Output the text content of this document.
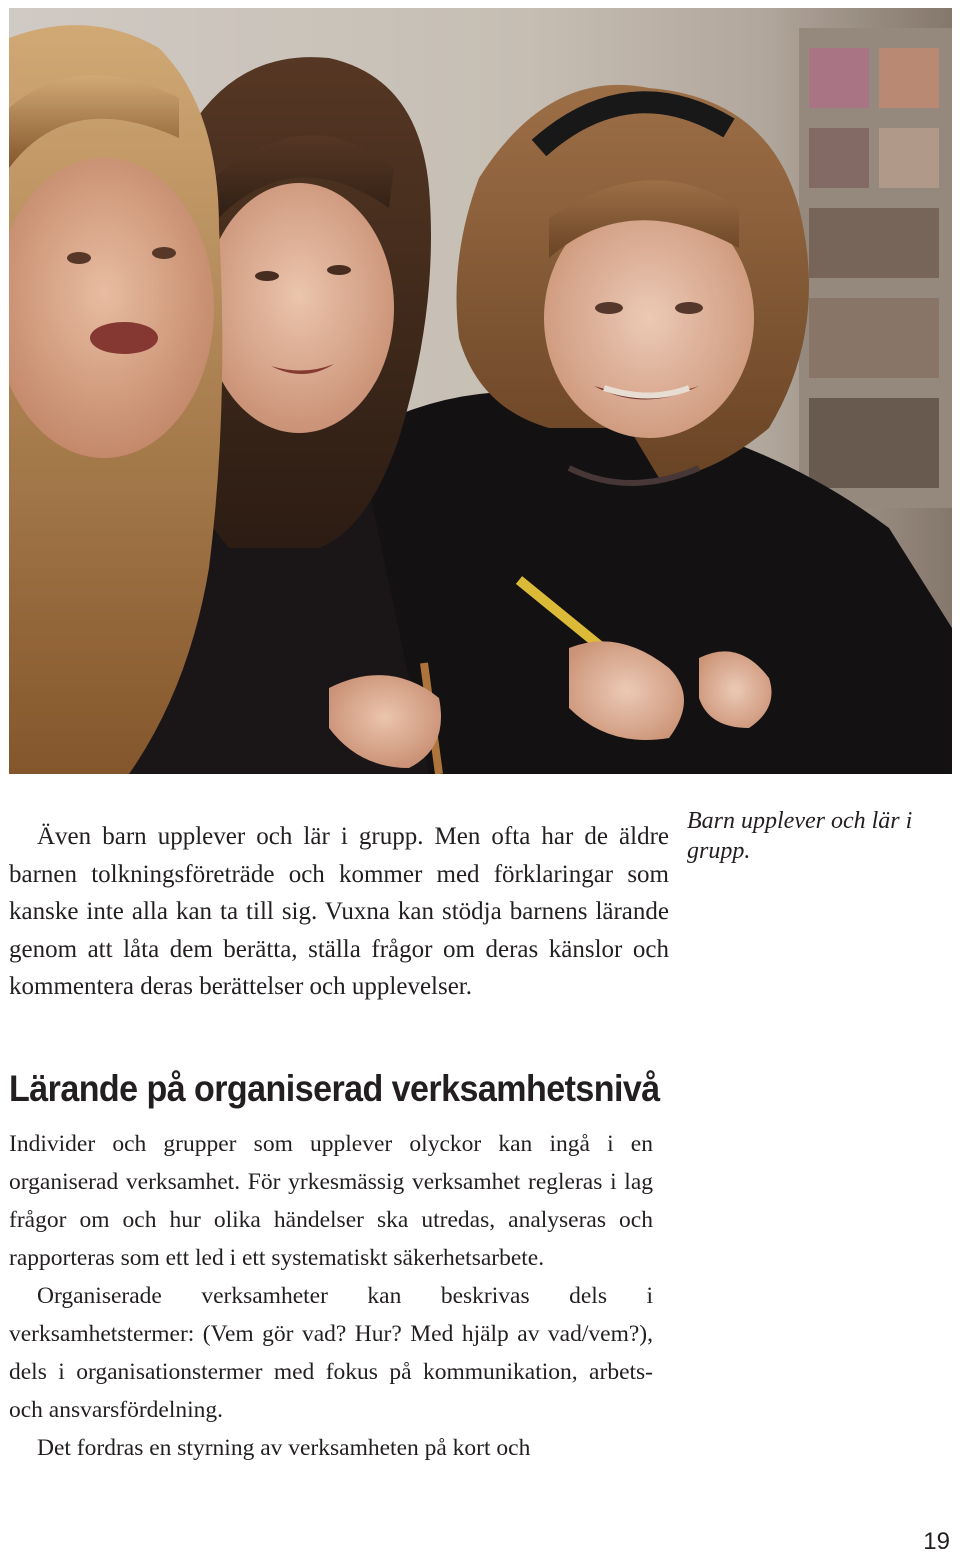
Även barn upplever och lär i grupp. Men ofta har de äldre barnen tolkningsföreträde och kommer med förklaringar som kanske inte alla kan ta till sig. Vuxna kan stödja barnens lärande genom att låta dem berätta, ställa frågor om deras känslor och kommentera deras berättelser och upplevelser.

Barn upplever och lär i grupp.

Lärande på organiserad verksamhetsnivå

Individer och grupper som upplever olyckor kan ingå i en organiserad verksamhet. För yrkesmässig verksamhet regleras i lag frågor om och hur olika händelser ska utredas, analyseras och rapporteras som ett led i ett systematiskt säkerhetsarbete.

Organiserade verksamheter kan beskrivas dels i verksamhetstermer: (Vem gör vad? Hur? Med hjälp av vad/vem?), dels i organisationstermer med fokus på kommunikation, arbets- och ansvarsfördelning.

Det fordras en styrning av verksamheten på kort och

19
